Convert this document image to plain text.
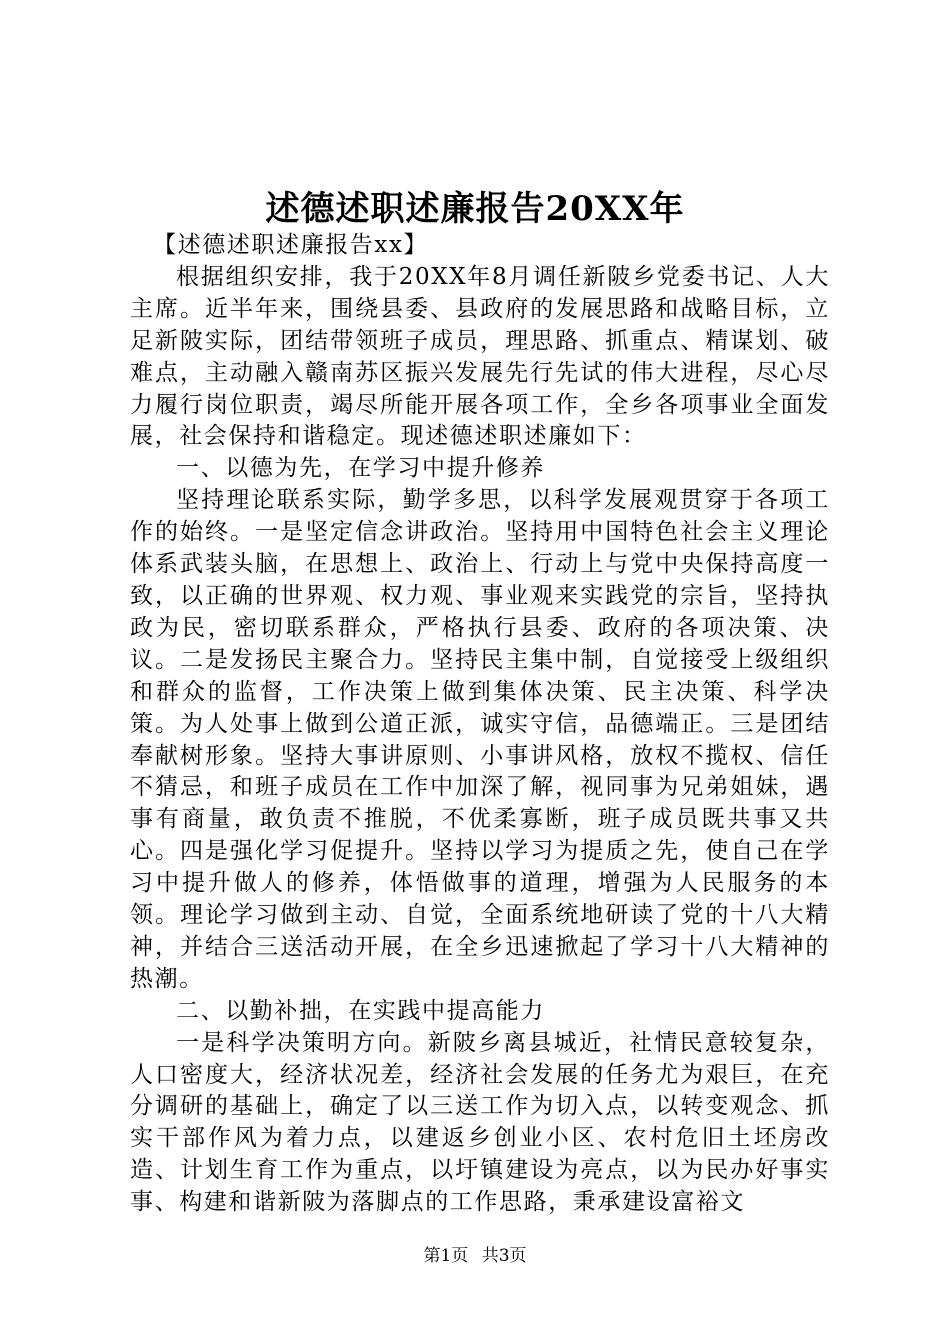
述德述职述廉报告20XX年

【述德述职述廉报告xx】

根据组织安排，我于20XX年8月调任新陂乡党委书记、人大主席。近半年来，围绕县委、县政府的发展思路和战略目标，立足新陂实际，团结带领班子成员，理思路、抓重点、精谋划、破难点，主动融入赣南苏区振兴发展先行先试的伟大进程，尽心尽力履行岗位职责，竭尽所能开展各项工作，全乡各项事业全面发展，社会保持和谐稳定。现述德述职述廉如下：

一、以德为先，在学习中提升修养

坚持理论联系实际，勤学多思，以科学发展观贯穿于各项工作的始终。一是坚定信念讲政治。坚持用中国特色社会主义理论体系武装头脑，在思想上、政治上、行动上与党中央保持高度一致，以正确的世界观、权力观、事业观来实践党的宗旨，坚持执政为民，密切联系群众，严格执行县委、政府的各项决策、决议。二是发扬民主聚合力。坚持民主集中制，自觉接受上级组织和群众的监督，工作决策上做到集体决策、民主决策、科学决策。为人处事上做到公道正派，诚实守信，品德端正。三是团结奉献树形象。坚持大事讲原则、小事讲风格，放权不揽权、信任不猜忌，和班子成员在工作中加深了解，视同事为兄弟姐妹，遇事有商量，敢负责不推脱，不优柔寡断，班子成员既共事又共心。四是强化学习促提升。坚持以学习为提质之先，使自己在学习中提升做人的修养，体悟做事的道理，增强为人民服务的本领。理论学习做到主动、自觉，全面系统地研读了党的十八大精神，并结合三送活动开展，在全乡迅速掀起了学习十八大精神的热潮。

二、以勤补拙，在实践中提高能力

一是科学决策明方向。新陂乡离县城近，社情民意较复杂，人口密度大，经济状况差，经济社会发展的任务尤为艰巨，在充分调研的基础上，确定了以三送工作为切入点，以转变观念、抓实干部作风为着力点，以建返乡创业小区、农村危旧土坯房改造、计划生育工作为重点，以圩镇建设为亮点，以为民办好事实事、构建和谐新陂为落脚点的工作思路，秉承建设富裕文

第1页 共3页
